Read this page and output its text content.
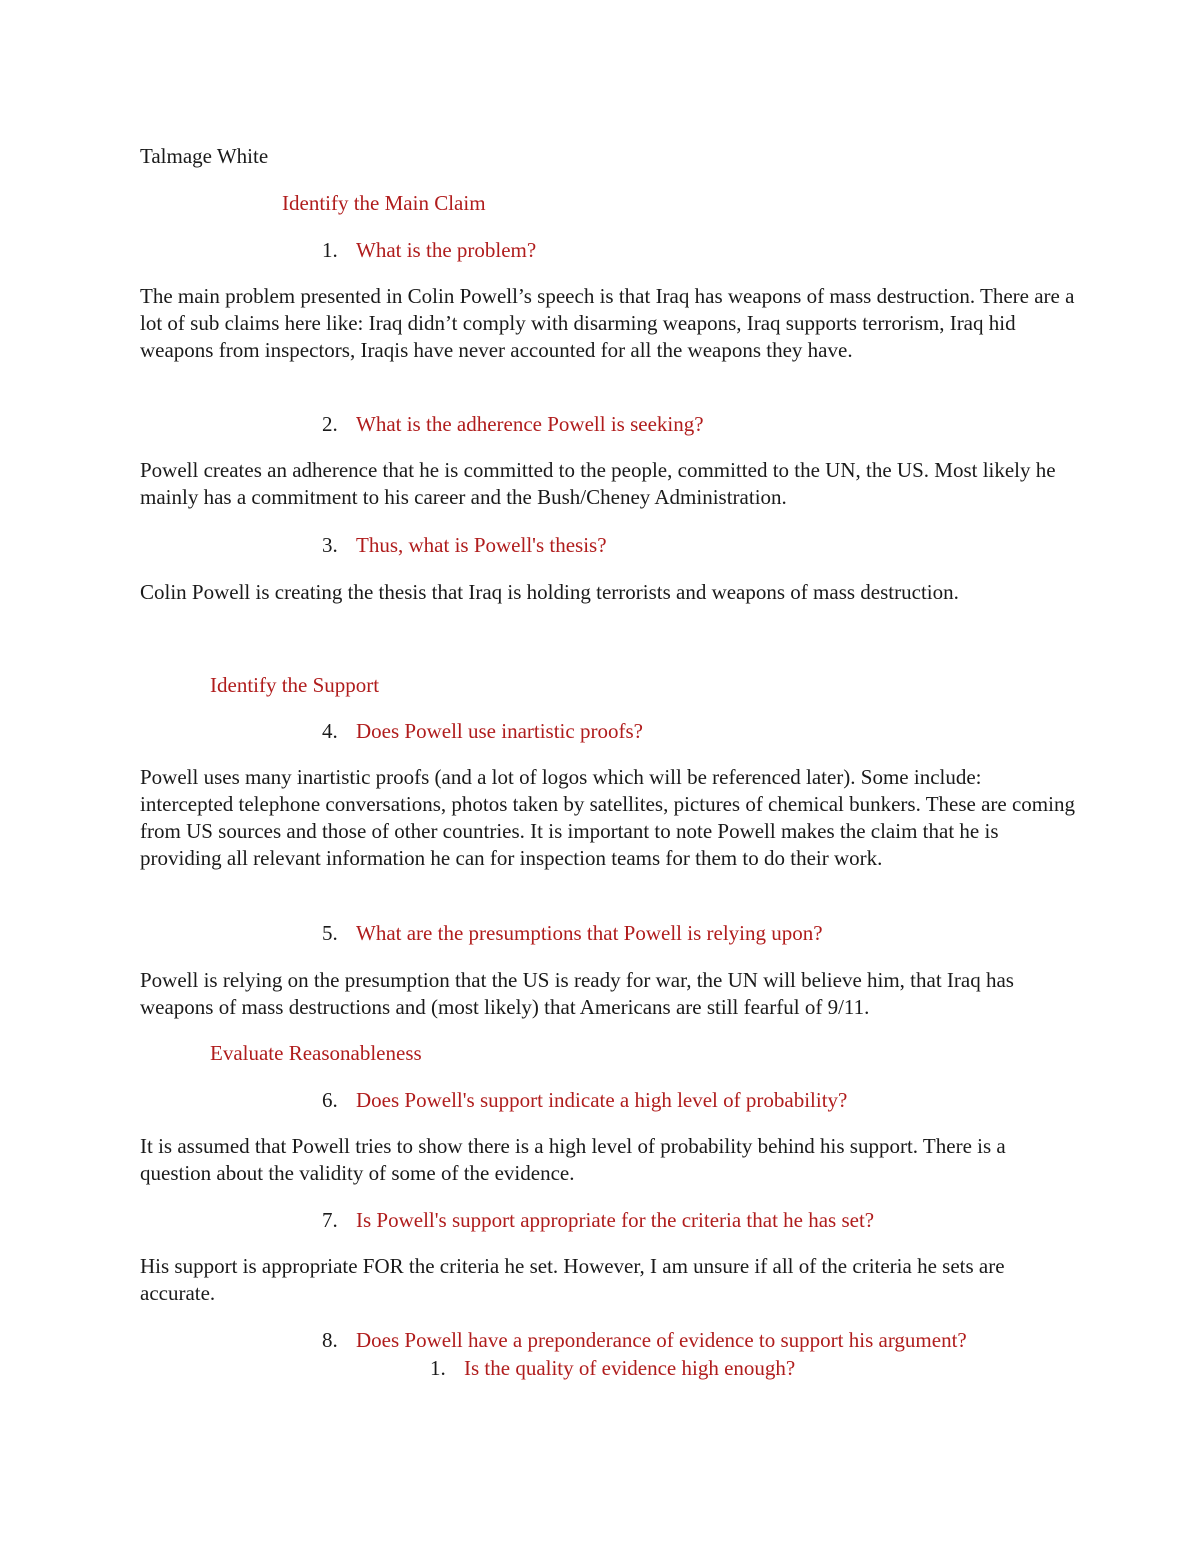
Talmage White
Identify the Main Claim
1. What is the problem?
The main problem presented in Colin Powell’s speech is that Iraq has weapons of mass destruction. There are a lot of sub claims here like: Iraq didn’t comply with disarming weapons, Iraq supports terrorism, Iraq hid weapons from inspectors, Iraqis have never accounted for all the weapons they have.
2. What is the adherence Powell is seeking?
Powell creates an adherence that he is committed to the people, committed to the UN, the US. Most likely he mainly has a commitment to his career and the Bush/Cheney Administration.
3. Thus, what is Powell's thesis?
Colin Powell is creating the thesis that Iraq is holding terrorists and weapons of mass destruction.
Identify the Support
4. Does Powell use inartistic proofs?
Powell uses many inartistic proofs (and a lot of logos which will be referenced later). Some include: intercepted telephone conversations, photos taken by satellites, pictures of chemical bunkers. These are coming from US sources and those of other countries. It is important to note Powell makes the claim that he is providing all relevant information he can for inspection teams for them to do their work.
5. What are the presumptions that Powell is relying upon?
Powell is relying on the presumption that the US is ready for war, the UN will believe him, that Iraq has weapons of mass destructions and (most likely) that Americans are still fearful of 9/11.
Evaluate Reasonableness
6. Does Powell's support indicate a high level of probability?
It is assumed that Powell tries to show there is a high level of probability behind his support. There is a question about the validity of some of the evidence.
7. Is Powell's support appropriate for the criteria that he has set?
His support is appropriate FOR the criteria he set. However, I am unsure if all of the criteria he sets are accurate.
8. Does Powell have a preponderance of evidence to support his argument?
1. Is the quality of evidence high enough?
